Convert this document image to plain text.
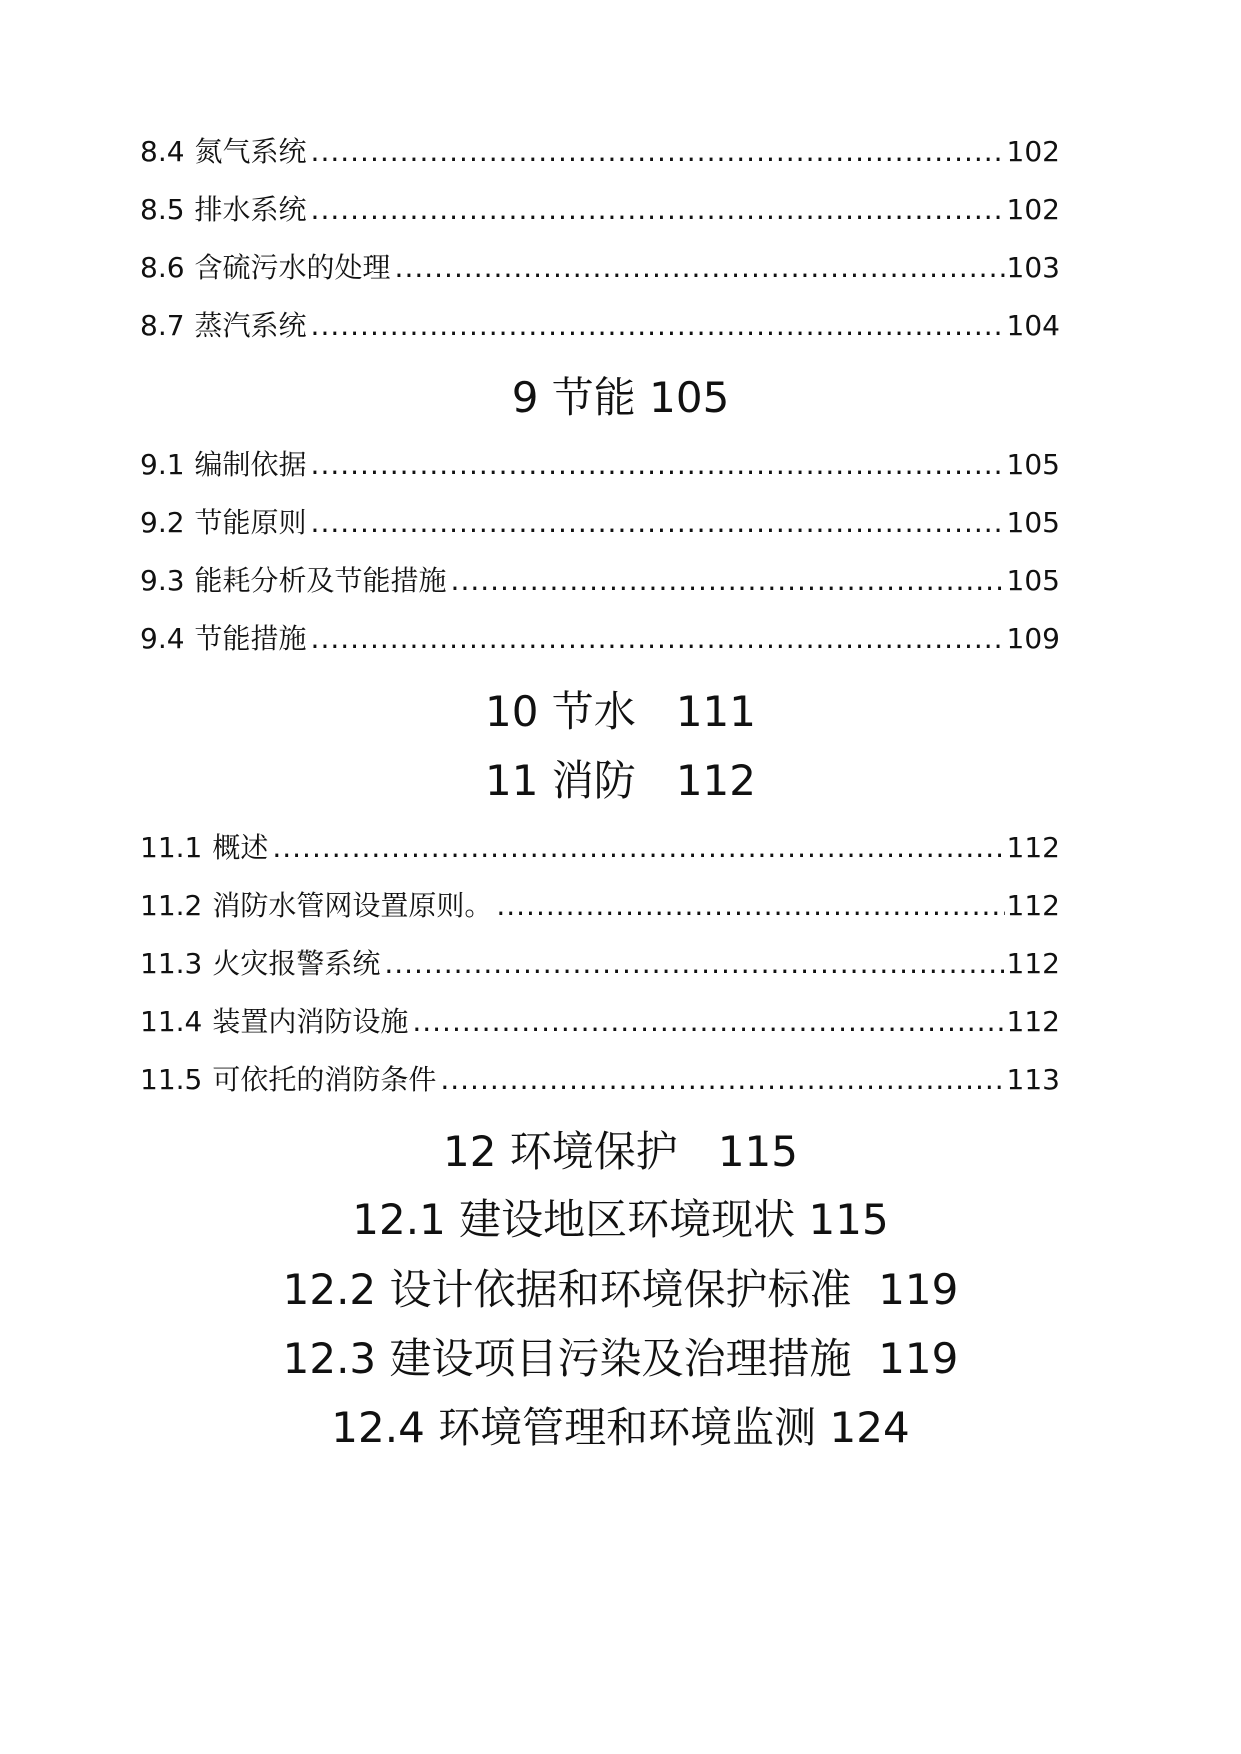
8.4 氮气系统 .....	102
8.5 排水系统 .....	102
8.6 含硫污水的处理 .....	103
8.7 蒸汽系统 .....	104
9 节能 105
9.1 编制依据 .....	105
9.2 节能原则 .....	105
9.3 能耗分析及节能措施 .....	105
9.4 节能措施 .....	109
10 节水   111
11 消防   112
11.1 概述 .....	112
11.2 消防水管网设置原则。 .....	112
11.3 火灾报警系统 .....	112
11.4 装置内消防设施 .....	112
11.5 可依托的消防条件 .....	113
12 环境保护   115
12.1 建设地区环境现状 115
12.2 设计依据和环境保护标准  119
12.3 建设项目污染及治理措施  119
12.4 环境管理和环境监测 124
